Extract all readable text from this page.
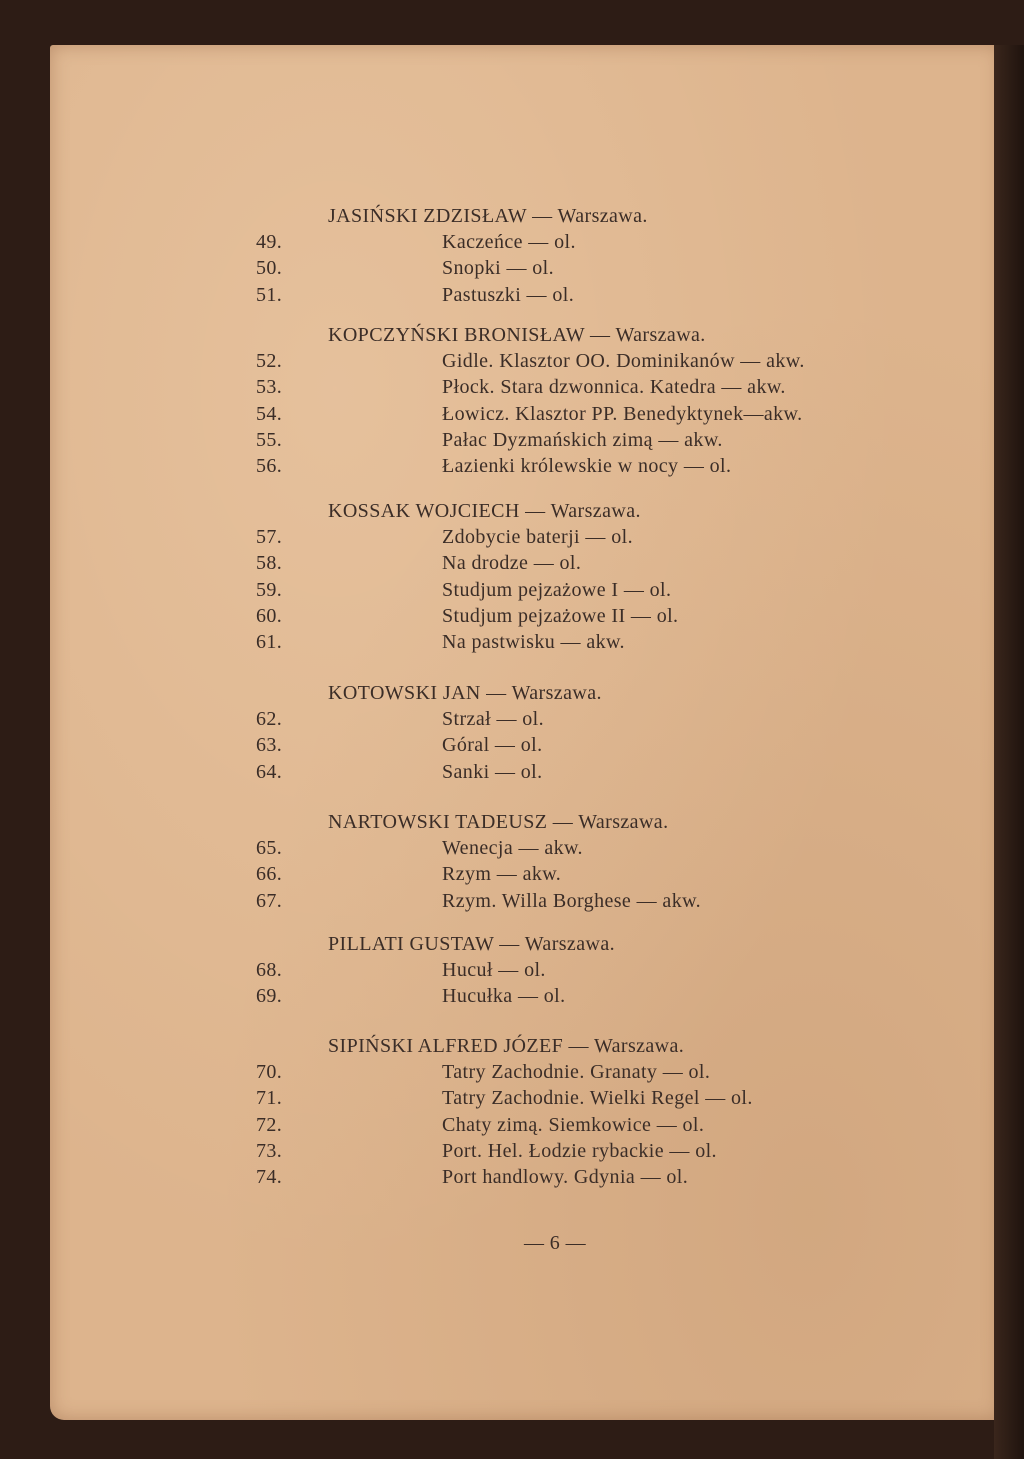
JASIŃSKI ZDZISŁAW — Warszawa.
49.	Kaczeńce — ol.
50.	Snopki — ol.
51.	Pastuszki — ol.
KOPCZYŃSKI BRONISŁAW — Warszawa.
52.	Gidle. Klasztor OO. Dominikanów — akw.
53.	Płock. Stara dzwonnica. Katedra — akw.
54.	Łowicz. Klasztor PP. Benedyktynek—akw.
55.	Pałac Dyzmańskich zimą — akw.
56.	Łazienki królewskie w nocy — ol.
KOSSAK WOJCIECH — Warszawa.
57.	Zdobycie baterji — ol.
58.	Na drodze — ol.
59.	Studjum pejzażowe I — ol.
60.	Studjum pejzażowe II — ol.
61.	Na pastwisku — akw.
KOTOWSKI JAN — Warszawa.
62.	Strzał — ol.
63.	Góral — ol.
64.	Sanki — ol.
NARTOWSKI TADEUSZ — Warszawa.
65.	Wenecja — akw.
66.	Rzym — akw.
67.	Rzym. Willa Borghese — akw.
PILLATI GUSTAW — Warszawa.
68.	Hucuł — ol.
69.	Hucułka — ol.
SIPIŃSKI ALFRED JÓZEF — Warszawa.
70.	Tatry Zachodnie. Granaty — ol.
71.	Tatry Zachodnie. Wielki Regel — ol.
72.	Chaty zimą. Siemkowice — ol.
73.	Port. Hel. Łodzie rybackie — ol.
74.	Port handlowy. Gdynia — ol.
— 6 —
